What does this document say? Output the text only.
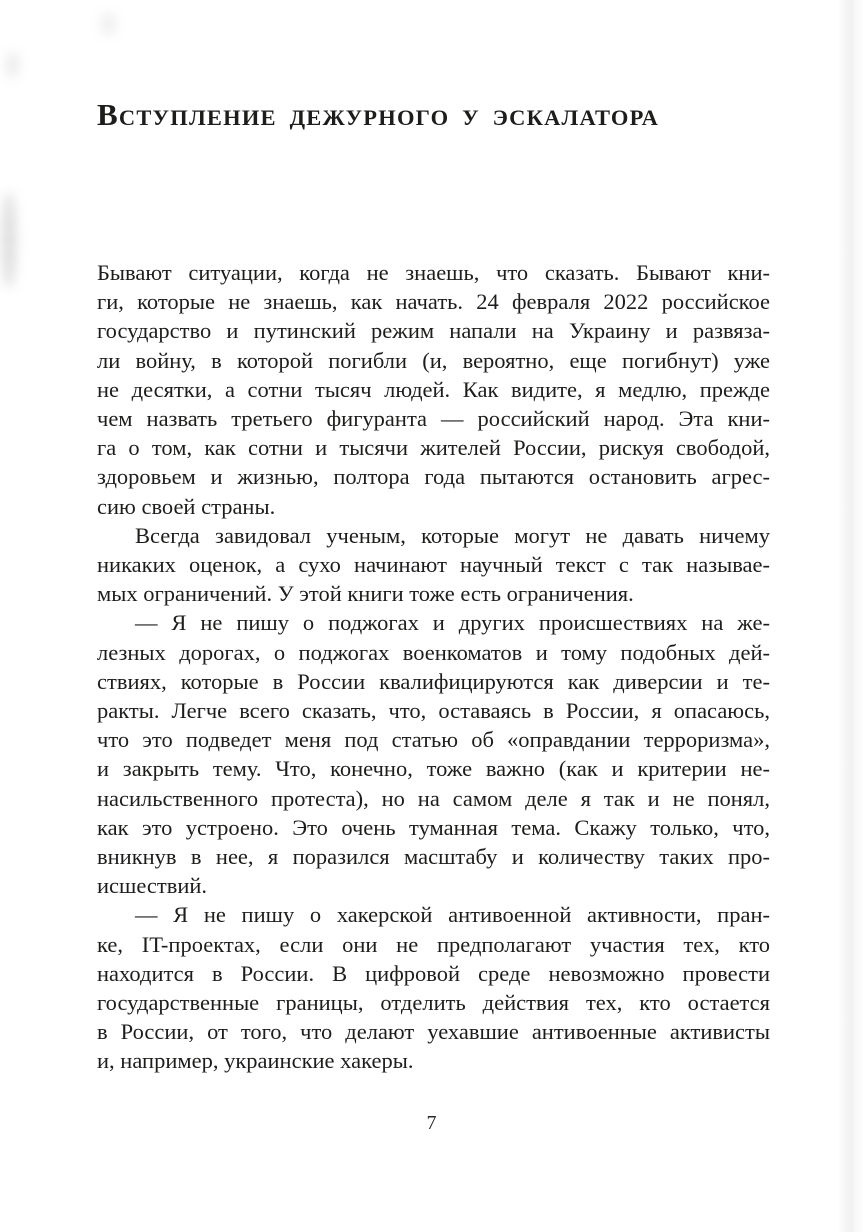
ВСТУПЛЕНИЕ ДЕЖУРНОГО У ЭСКАЛАТОРА
Бывают ситуации, когда не знаешь, что сказать. Бывают кни-
ги, которые не знаешь, как начать. 24 февраля 2022 российское
государство и путинский режим напали на Украину и развяза-
ли войну, в которой погибли (и, вероятно, еще погибнут) уже
не десятки, а сотни тысяч людей. Как видите, я медлю, прежде
чем назвать третьего фигуранта — российский народ. Эта кни-
га о том, как сотни и тысячи жителей России, рискуя свободой,
здоровьем и жизнью, полтора года пытаются остановить агрес-
сию своей страны.
Всегда завидовал ученым, которые могут не давать ничему
никаких оценок, а сухо начинают научный текст с так называе-
мых ограничений. У этой книги тоже есть ограничения.
— Я не пишу о поджогах и других происшествиях на же-
лезных дорогах, о поджогах военкоматов и тому подобных дей-
ствиях, которые в России квалифицируются как диверсии и те-
ракты. Легче всего сказать, что, оставаясь в России, я опасаюсь,
что это подведет меня под статью об «оправдании терроризма»,
и закрыть тему. Что, конечно, тоже важно (как и критерии не-
насильственного протеста), но на самом деле я так и не понял,
как это устроено. Это очень туманная тема. Скажу только, что,
вникнув в нее, я поразился масштабу и количеству таких про-
исшествий.
— Я не пишу о хакерской антивоенной активности, пран-
ке, IT-проектах, если они не предполагают участия тех, кто
находится в России. В цифровой среде невозможно провести
государственные границы, отделить действия тех, кто остается
в России, от того, что делают уехавшие антивоенные активисты
и, например, украинские хакеры.
7
